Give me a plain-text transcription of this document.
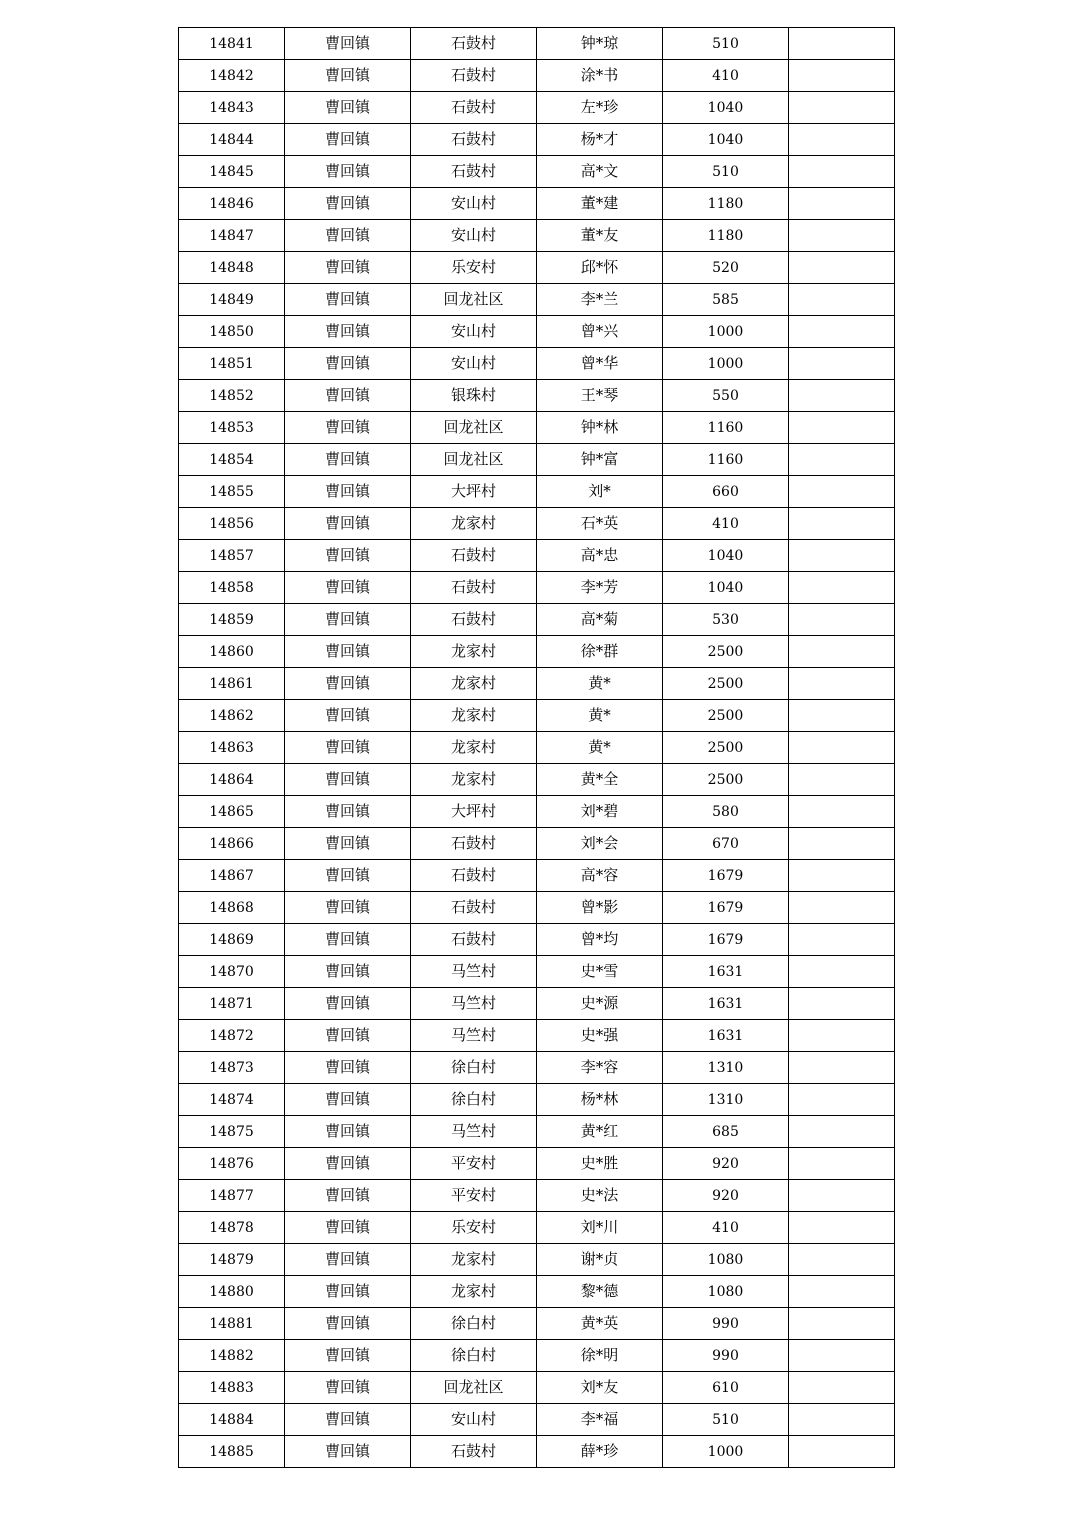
14841	曹回镇	石鼓村	钟*琼	510	
14842	曹回镇	石鼓村	涂*书	410	
14843	曹回镇	石鼓村	左*珍	1040	
14844	曹回镇	石鼓村	杨*才	1040	
14845	曹回镇	石鼓村	高*文	510	
14846	曹回镇	安山村	董*建	1180	
14847	曹回镇	安山村	董*友	1180	
14848	曹回镇	乐安村	邱*怀	520	
14849	曹回镇	回龙社区	李*兰	585	
14850	曹回镇	安山村	曾*兴	1000	
14851	曹回镇	安山村	曾*华	1000	
14852	曹回镇	银珠村	王*琴	550	
14853	曹回镇	回龙社区	钟*林	1160	
14854	曹回镇	回龙社区	钟*富	1160	
14855	曹回镇	大坪村	刘*	660	
14856	曹回镇	龙家村	石*英	410	
14857	曹回镇	石鼓村	高*忠	1040	
14858	曹回镇	石鼓村	李*芳	1040	
14859	曹回镇	石鼓村	高*菊	530	
14860	曹回镇	龙家村	徐*群	2500	
14861	曹回镇	龙家村	黄*	2500	
14862	曹回镇	龙家村	黄*	2500	
14863	曹回镇	龙家村	黄*	2500	
14864	曹回镇	龙家村	黄*全	2500	
14865	曹回镇	大坪村	刘*碧	580	
14866	曹回镇	石鼓村	刘*会	670	
14867	曹回镇	石鼓村	高*容	1679	
14868	曹回镇	石鼓村	曾*影	1679	
14869	曹回镇	石鼓村	曾*均	1679	
14870	曹回镇	马竺村	史*雪	1631	
14871	曹回镇	马竺村	史*源	1631	
14872	曹回镇	马竺村	史*强	1631	
14873	曹回镇	徐白村	李*容	1310	
14874	曹回镇	徐白村	杨*林	1310	
14875	曹回镇	马竺村	黄*红	685	
14876	曹回镇	平安村	史*胜	920	
14877	曹回镇	平安村	史*法	920	
14878	曹回镇	乐安村	刘*川	410	
14879	曹回镇	龙家村	谢*贞	1080	
14880	曹回镇	龙家村	黎*德	1080	
14881	曹回镇	徐白村	黄*英	990	
14882	曹回镇	徐白村	徐*明	990	
14883	曹回镇	回龙社区	刘*友	610	
14884	曹回镇	安山村	李*福	510	
14885	曹回镇	石鼓村	薛*珍	1000	
